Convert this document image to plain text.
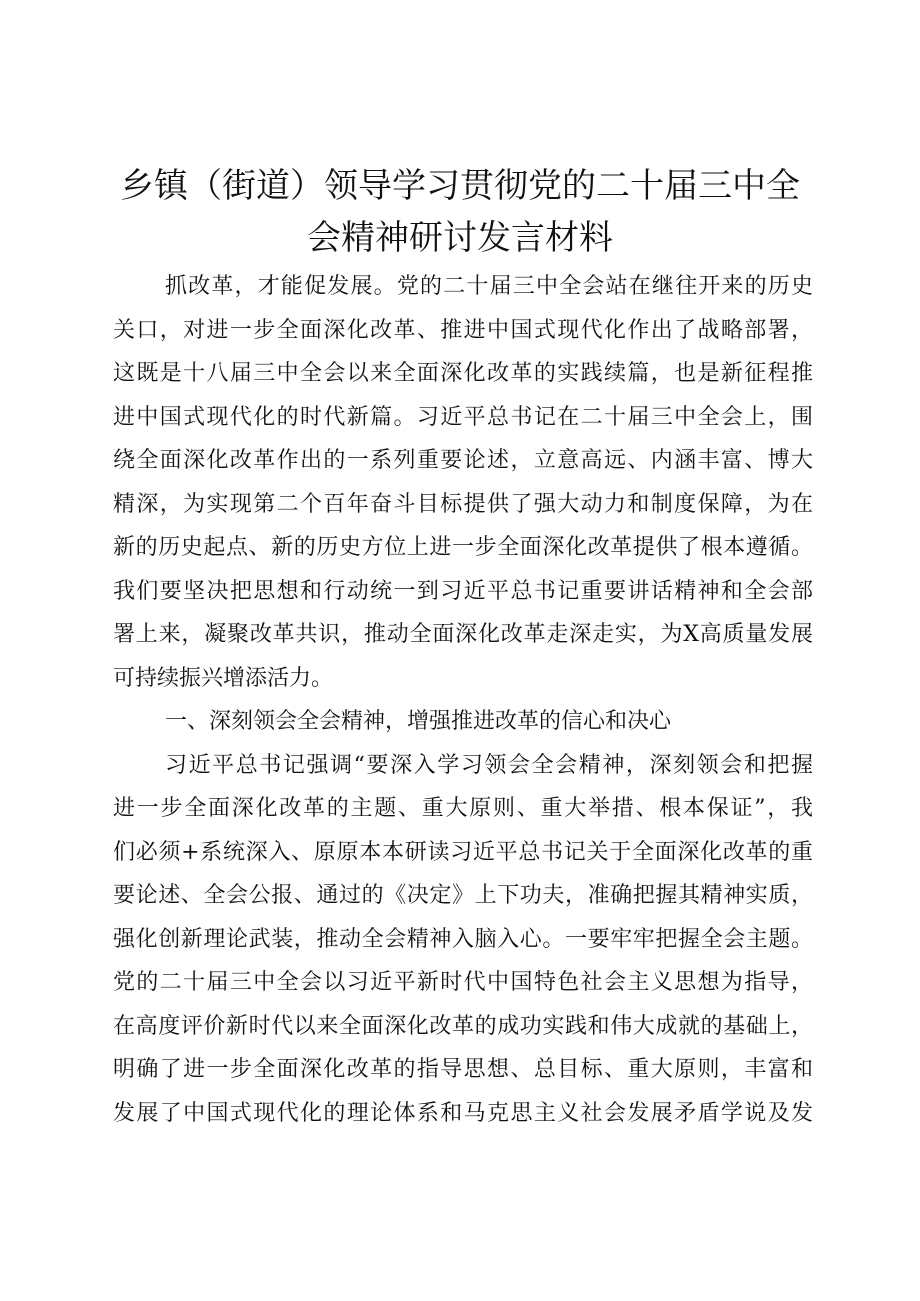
乡镇（街道）领导学习贯彻党的二十届三中全
会精神研讨发言材料
抓改革，才能促发展。党的二十届三中全会站在继往开来的历史
关口，对进一步全面深化改革、推进中国式现代化作出了战略部署，
这既是十八届三中全会以来全面深化改革的实践续篇，也是新征程推
进中国式现代化的时代新篇。习近平总书记在二十届三中全会上，围
绕全面深化改革作出的一系列重要论述，立意高远、内涵丰富、博大
精深，为实现第二个百年奋斗目标提供了强大动力和制度保障，为在
新的历史起点、新的历史方位上进一步全面深化改革提供了根本遵循。
我们要坚决把思想和行动统一到习近平总书记重要讲话精神和全会部
署上来，凝聚改革共识，推动全面深化改革走深走实，为X高质量发展
可持续振兴增添活力。
一、深刻领会全会精神，增强推进改革的信心和决心
习近平总书记强调“要深入学习领会全会精神，深刻领会和把握
进一步全面深化改革的主题、重大原则、重大举措、根本保证”，我
们必须+系统深入、原原本本研读习近平总书记关于全面深化改革的重
要论述、全会公报、通过的《决定》上下功夫，准确把握其精神实质，
强化创新理论武装，推动全会精神入脑入心。一要牢牢把握全会主题。
党的二十届三中全会以习近平新时代中国特色社会主义思想为指导，
在高度评价新时代以来全面深化改革的成功实践和伟大成就的基础上，
明确了进一步全面深化改革的指导思想、总目标、重大原则，丰富和
发展了中国式现代化的理论体系和马克思主义社会发展矛盾学说及发
